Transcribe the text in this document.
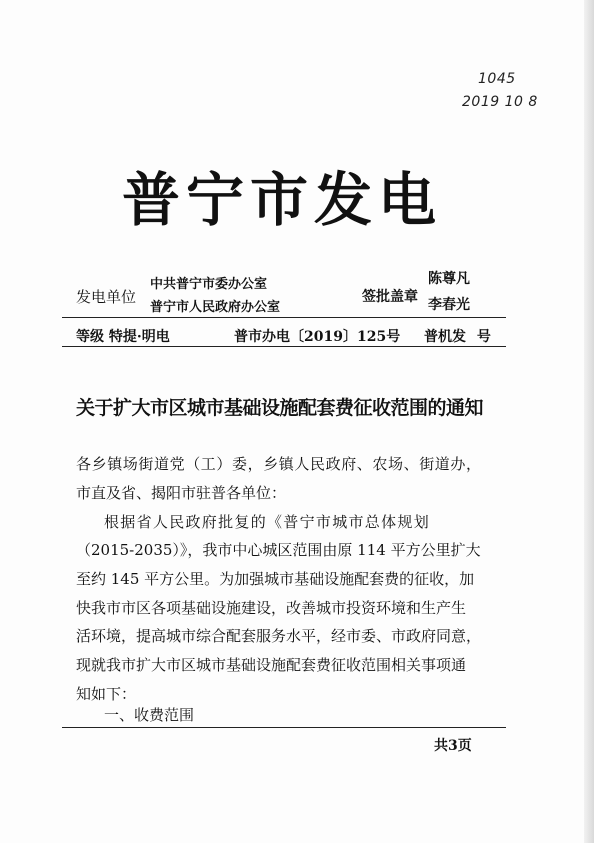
1045
2019 10 8
普宁市发电
发电单位
中共普宁市委办公室
普宁市人民政府办公室
签批盖章
陈尊凡
李春光
等级 特提·明电	普市办电〔2019〕125号 普机发 号
关于扩大市区城市基础设施配套费征收范围的通知
各乡镇场街道党（工）委，乡镇人民政府、农场、街道办，
市直及省、揭阳市驻普各单位：
根据省人民政府批复的《普宁市城市总体规划
（2015-2035）》，我市中心城区范围由原 114 平方公里扩大
至约 145 平方公里。为加强城市基础设施配套费的征收，加
快我市市区各项基础设施建设，改善城市投资环境和生产生
活环境，提高城市综合配套服务水平，经市委、市政府同意，
现就我市扩大市区城市基础设施配套费征收范围相关事项通
知如下：
一、收费范围
共3页
